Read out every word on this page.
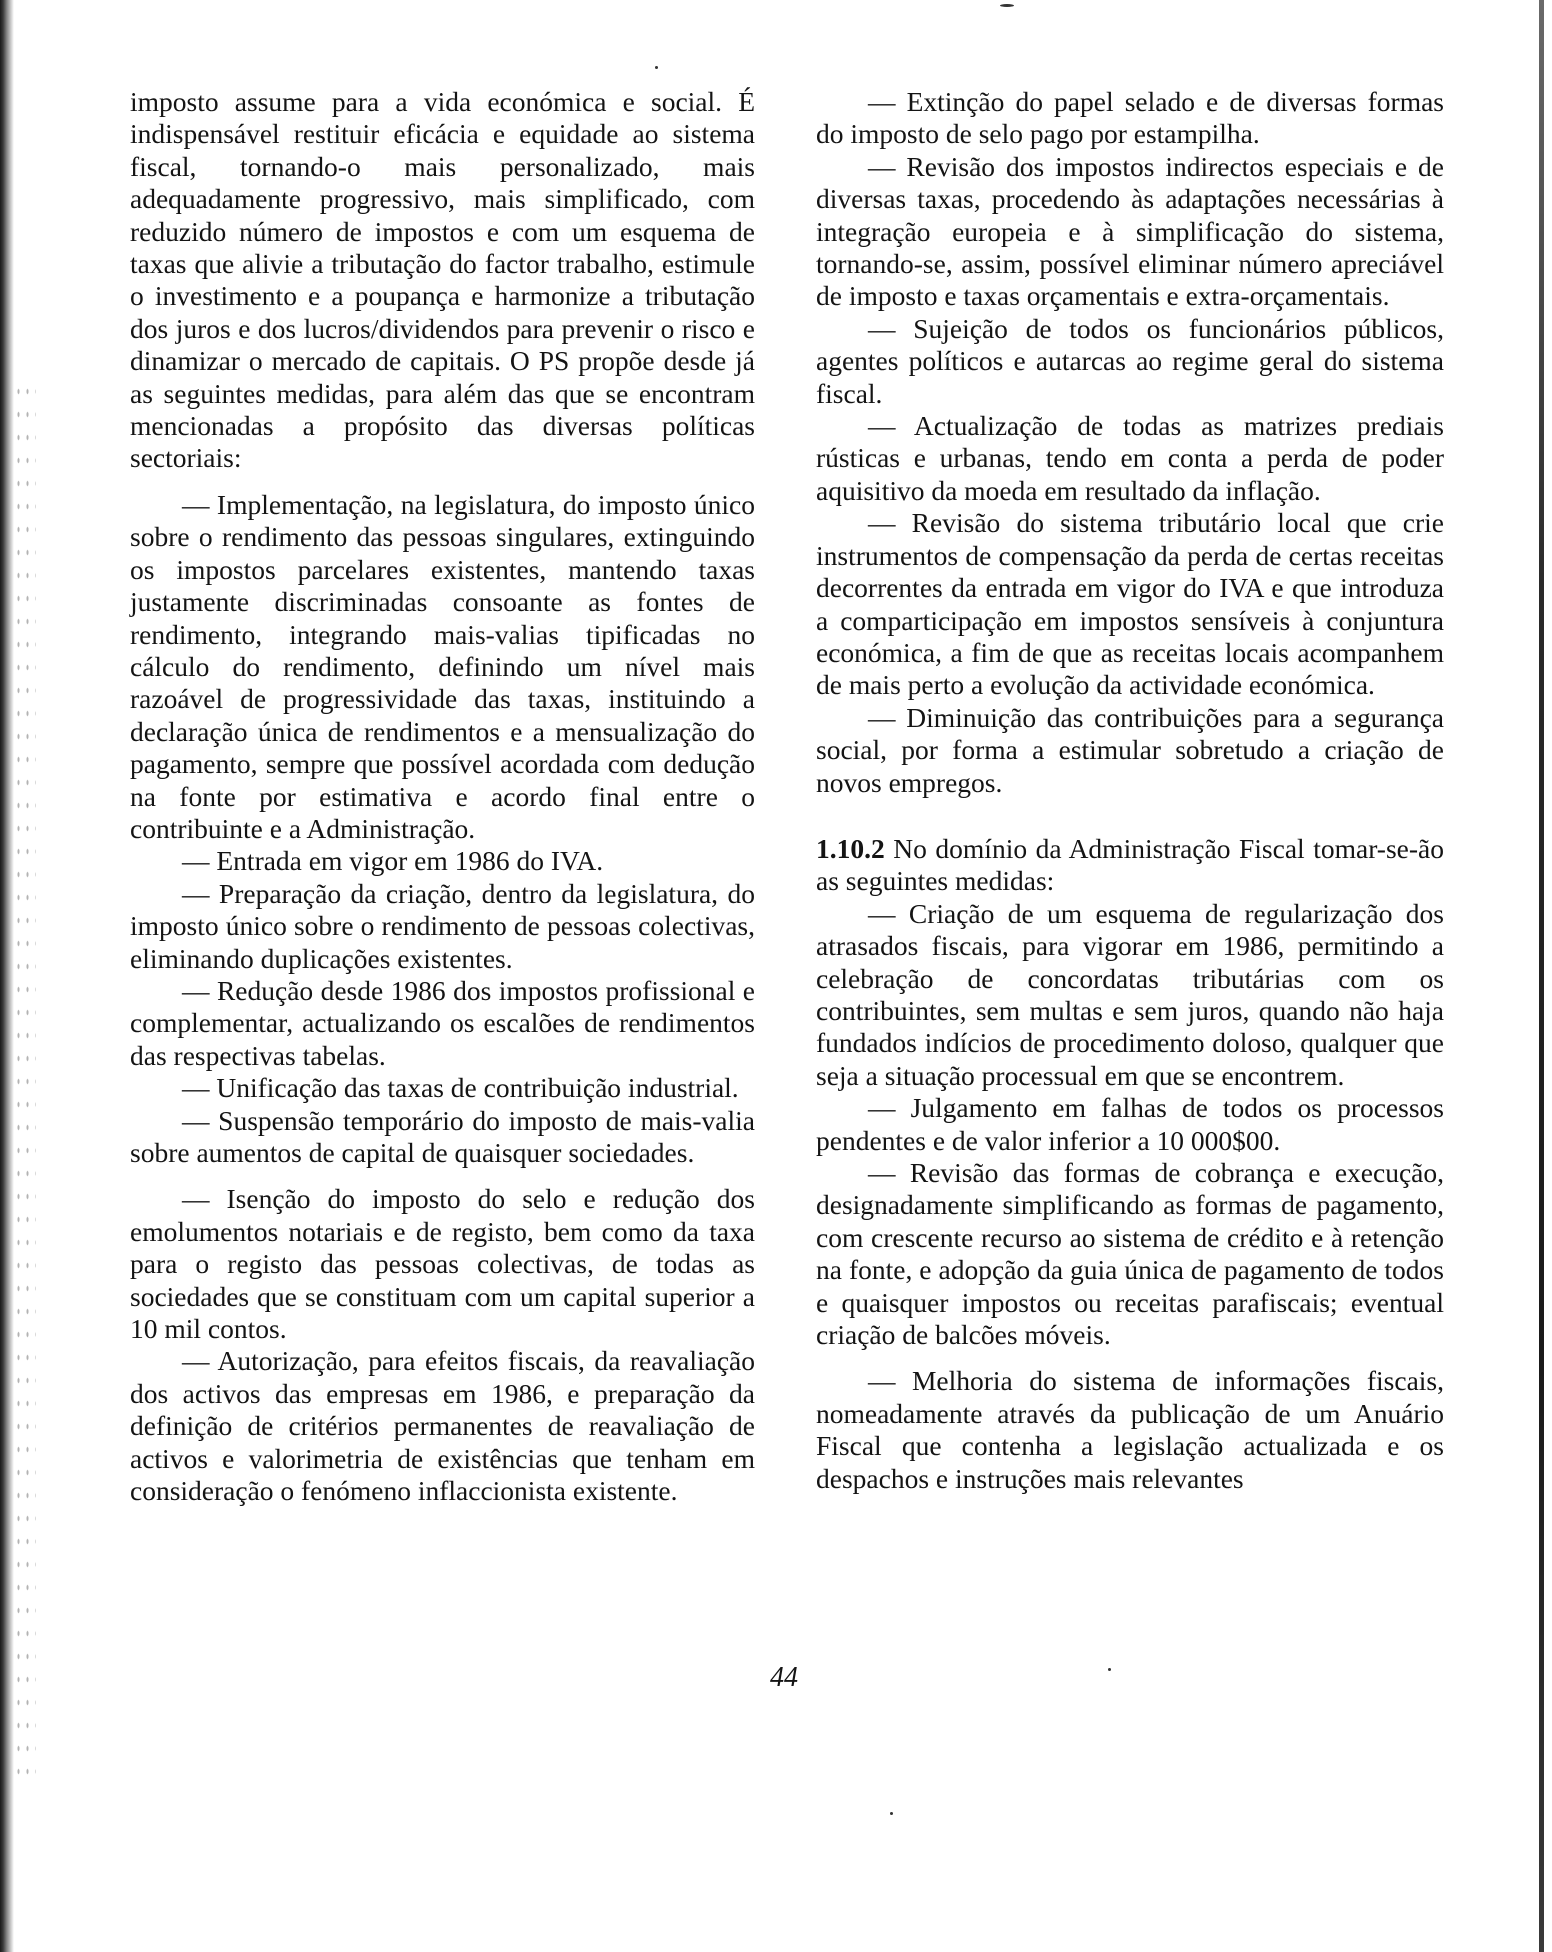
imposto assume para a vida económica e social. É indispensável restituir eficácia e equidade ao sistema fiscal, tornando-o mais personalizado, mais adequadamente progressivo, mais simplificado, com reduzido número de impostos e com um esquema de taxas que alivie a tributação do factor trabalho, estimule o investimento e a poupança e harmonize a tributação dos juros e dos lucros/dividendos para prevenir o risco e dinamizar o mercado de capitais. O PS propõe desde já as seguintes medidas, para além das que se encontram mencionadas a propósito das diversas políticas sectoriais:

— Implementação, na legislatura, do imposto único sobre o rendimento das pessoas singulares, extinguindo os impostos parcelares existentes, mantendo taxas justamente discriminadas consoante as fontes de rendimento, integrando mais-valias tipificadas no cálculo do rendimento, definindo um nível mais razoável de progressividade das taxas, instituindo a declaração única de rendimentos e a mensualização do pagamento, sempre que possível acordada com dedução na fonte por estimativa e acordo final entre o contribuinte e a Administração.

— Entrada em vigor em 1986 do IVA.

— Preparação da criação, dentro da legislatura, do imposto único sobre o rendimento de pessoas colectivas, eliminando duplicações existentes.

— Redução desde 1986 dos impostos profissional e complementar, actualizando os escalões de rendimentos das respectivas tabelas.

— Unificação das taxas de contribuição industrial.

— Suspensão temporário do imposto de mais-valia sobre aumentos de capital de quaisquer sociedades.

— Isenção do imposto do selo e redução dos emolumentos notariais e de registo, bem como da taxa para o registo das pessoas colectivas, de todas as sociedades que se constituam com um capital superior a 10 mil contos.

— Autorização, para efeitos fiscais, da reavaliação dos activos das empresas em 1986, e preparação da definição de critérios permanentes de reavaliação de activos e valorimetria de existências que tenham em consideração o fenómeno inflaccionista existente.

— Extinção do papel selado e de diversas formas do imposto de selo pago por estampilha.

— Revisão dos impostos indirectos especiais e de diversas taxas, procedendo às adaptações necessárias à integração europeia e à simplificação do sistema, tornando-se, assim, possível eliminar número apreciável de imposto e taxas orçamentais e extra-orçamentais.

— Sujeição de todos os funcionários públicos, agentes políticos e autarcas ao regime geral do sistema fiscal.

— Actualização de todas as matrizes prediais rústicas e urbanas, tendo em conta a perda de poder aquisitivo da moeda em resultado da inflação.

— Revisão do sistema tributário local que crie instrumentos de compensação da perda de certas receitas decorrentes da entrada em vigor do IVA e que introduza a comparticipação em impostos sensíveis à conjuntura económica, a fim de que as receitas locais acompanhem de mais perto a evolução da actividade económica.

— Diminuição das contribuições para a segurança social, por forma a estimular sobretudo a criação de novos empregos.

1.10.2 No domínio da Administração Fiscal tomar-se-ão as seguintes medidas:

— Criação de um esquema de regularização dos atrasados fiscais, para vigorar em 1986, permitindo a celebração de concordatas tributárias com os contribuintes, sem multas e sem juros, quando não haja fundados indícios de procedimento doloso, qualquer que seja a situação processual em que se encontrem.

— Julgamento em falhas de todos os processos pendentes e de valor inferior a 10 000$00.

— Revisão das formas de cobrança e execução, designadamente simplificando as formas de pagamento, com crescente recurso ao sistema de crédito e à retenção na fonte, e adopção da guia única de pagamento de todos e quaisquer impostos ou receitas parafiscais; eventual criação de balcões móveis.

— Melhoria do sistema de informações fiscais, nomeadamente através da publicação de um Anuário Fiscal que contenha a legislação actualizada e os despachos e instruções mais relevantes

44
